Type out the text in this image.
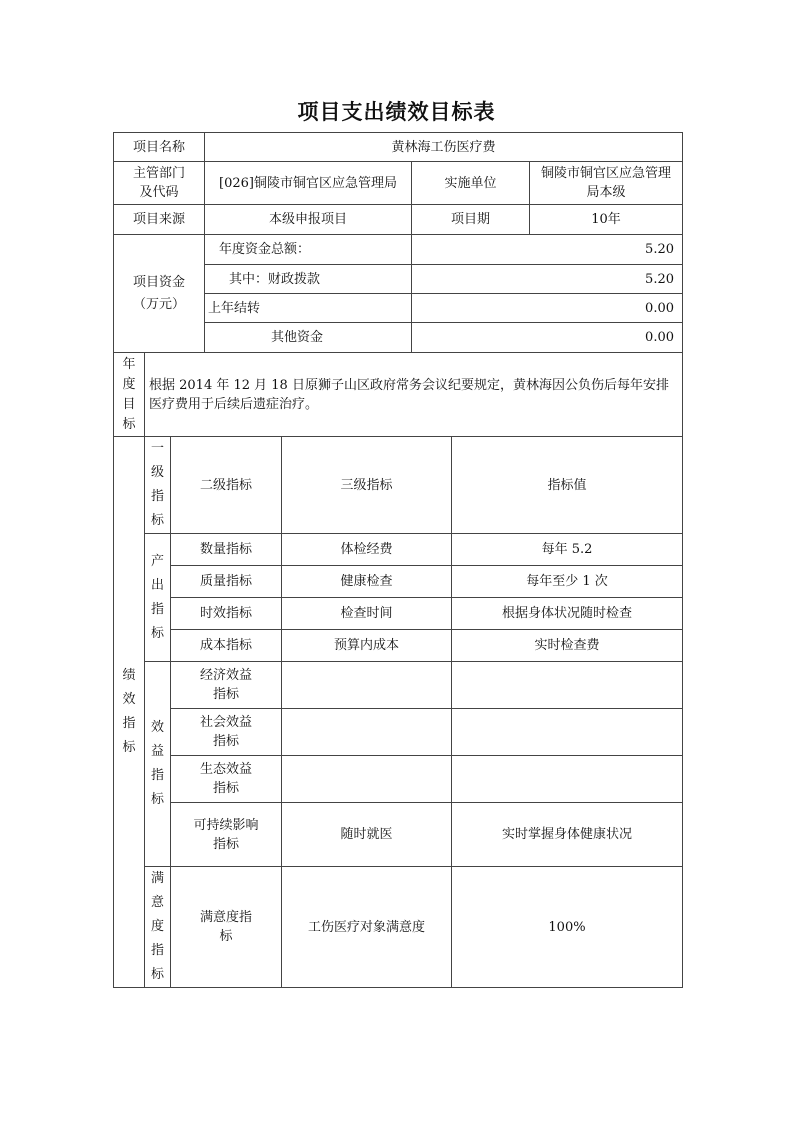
项目支出绩效目标表
项目名称			黄林海工伤医疗费				

主管部门及代码			[026]铜陵市铜官区应急管理局		实施单位		铜陵市铜官区应急管理局本级

项目来源			本级申报项目		项目期		10年

项目资金（万元）			年度资金总额：		5.20		
			其中：财政拨款		5.20		
			上年结转		0.00		
			其他资金		0.00		

年度目标	根据 2014 年 12 月 18 日原狮子山区政府常务会议纪要规定，黄林海因公负伤后每年安排医疗费用于后续后遗症治疗。						

绩效指标	一级指标	二级指标		三级指标		指标值	

	产出指标	数量指标		体检经费		每年 5.2	
		质量指标		健康检查		每年至少 1 次	
		时效指标		检查时间		根据身体状况随时检查	
		成本指标		预算内成本		实时检查费	

	效益指标	经济效益指标					

		社会效益指标					

		生态效益指标					

		可持续影响指标		随时就医		实时掌握身体健康状况	

	满意度指标	满意度指标		工伤医疗对象满意度		100%	
